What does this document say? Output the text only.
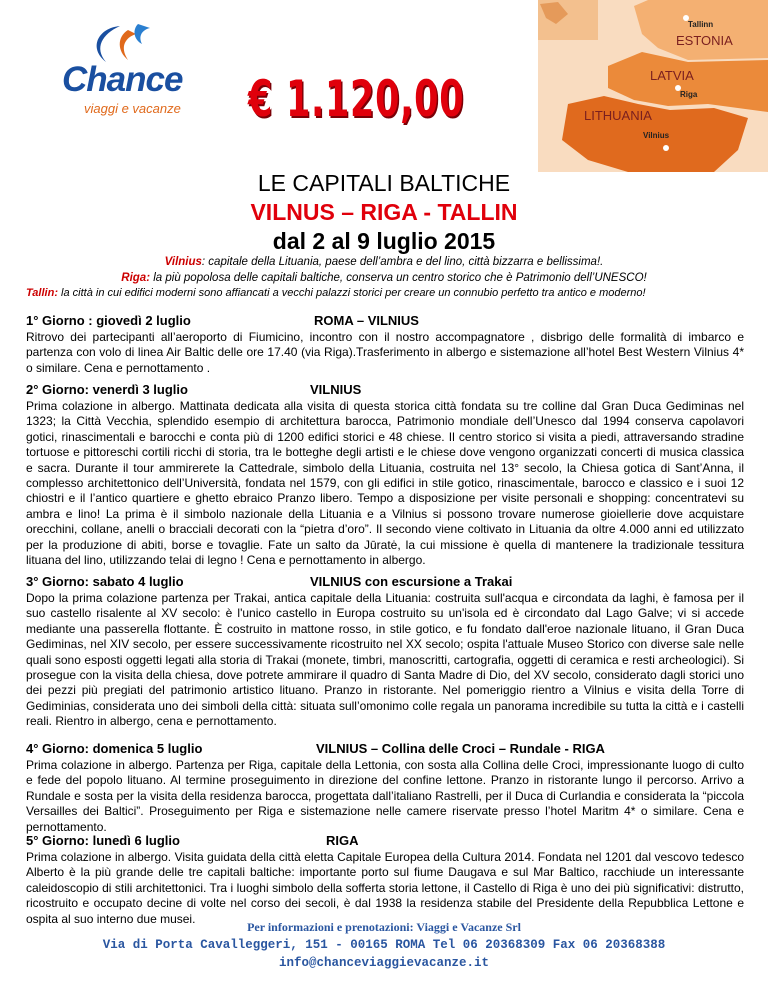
Chance
viaggi e vacanze € 1.120,00
Tallinn
ESTONIA
LATVIA
Riga
LITHUANIA
Vilnius
LE CAPITALI BALTICHE
VILNUS – RIGA - TALLIN
dal 2 al 9 luglio 2015
Vilnius: capitale della Lituania, paese dell’ambra e del lino, città bizzarra e bellissima!.
Riga: la più popolosa delle capitali baltiche, conserva un centro storico che è Patrimonio dell’UNESCO!
Tallin: la città in cui edifici moderni sono affiancati a vecchi palazzi storici per creare un connubio perfetto tra antico e moderno!
1° Giorno : giovedì 2 luglio	ROMA – VILNIUS
Ritrovo dei partecipanti all’aeroporto di Fiumicino, incontro con il nostro accompagnatore , disbrigo delle formalità di imbarco e partenza con volo di linea Air Baltic delle ore 17.40 (via Riga).Trasferimento in albergo e sistemazione all’hotel Best Western Vilnius 4* o similare. Cena e pernottamento .
2° Giorno: venerdì 3 luglio	VILNIUS
Prima colazione in albergo. Mattinata dedicata alla visita di questa storica città fondata su tre colline dal Gran Duca Gediminas nel 1323; la Città Vecchia, splendido esempio di architettura barocca, Patrimonio mondiale dell’Unesco dal 1994 conserva capolavori gotici, rinascimentali e barocchi e conta più di 1200 edifici storici e 48 chiese. Il centro storico si visita a piedi, attraversando stradine tortuose e pittoreschi cortili ricchi di storia, tra le botteghe degli artisti e le chiese dove vengono organizzati concerti di musica classica e sacra. Durante il tour ammirerete la Cattedrale, simbolo della Lituania, costruita nel 13° secolo, la Chiesa gotica di Sant’Anna, il complesso architettonico dell’Università, fondata nel 1579, con gli edifici in stile gotico, rinascimentale, barocco e classico e i suoi 12 chiostri e il l’antico quartiere e ghetto ebraico Pranzo libero. Tempo a disposizione per visite personali e shopping: concentratevi su ambra e lino! La prima è il simbolo nazionale della Lituania e a Vilnius si possono trovare numerose gioiellerie dove acquistare orecchini, collane, anelli o bracciali decorati con la “pietra d’oro”. Il secondo viene coltivato in Lituania da oltre 4.000 anni ed utilizzato per la produzione di abiti, borse e tovaglie. Fate un salto da Jūratė, la cui missione è quella di mantenere la tradizionale tessitura lituana del lino, utilizzando telai di legno ! Cena e pernottamento in albergo.
3° Giorno: sabato 4 luglio	VILNIUS con escursione a Trakai
Dopo la prima colazione partenza per Trakai, antica capitale della Lituania: costruita sull'acqua e circondata da laghi, è famosa per il suo castello risalente al XV secolo: è l'unico castello in Europa costruito su un'isola ed è circondato dal Lago Galve; vi si accede mediante una passerella flottante. È costruito in mattone rosso, in stile gotico, e fu fondato dall'eroe nazionale lituano, il Gran Duca Gediminas, nel XIV secolo, per essere successivamente ricostruito nel XX secolo; ospita l'attuale Museo Storico con diverse sale nelle quali sono esposti oggetti legati alla storia di Trakai (monete, timbri, manoscritti, cartografia, oggetti di ceramica e resti archeologici). Si prosegue con la visita della chiesa, dove potrete ammirare il quadro di Santa Madre di Dio, del XV secolo, considerato dagli storici uno dei pezzi più pregiati del patrimonio artistico lituano. Pranzo in ristorante. Nel pomeriggio rientro a Vilnius e visita della Torre di Gediminias, considerata uno dei simboli della città: situata sull’omonimo colle regala un panorama incredibile su tutta la città e i castelli reali. Rientro in albergo, cena e pernottamento.
4° Giorno: domenica 5 luglio	VILNIUS – Collina delle Croci – Rundale - RIGA
Prima colazione in albergo. Partenza per Riga, capitale della Lettonia, con sosta alla Collina delle Croci, impressionante luogo di culto e fede del popolo lituano. Al termine proseguimento in direzione del confine lettone. Pranzo in ristorante lungo il percorso. Arrivo a Rundale e sosta per la visita della residenza barocca, progettata dall’italiano Rastrelli, per il Duca di Curlandia e considerata la “piccola Versailles dei Baltici”. Proseguimento per Riga e sistemazione nelle camere riservate presso l’hotel Maritm 4* o similare. Cena e pernottamento.
5° Giorno: lunedì 6 luglio	RIGA
Prima colazione in albergo. Visita guidata della città eletta Capitale Europea della Cultura 2014. Fondata nel 1201 dal vescovo tedesco Alberto è la più grande delle tre capitali baltiche: importante porto sul fiume Daugava e sul Mar Baltico, racchiude un interessante caleidoscopio di stili architettonici. Tra i luoghi simbolo della sofferta storia lettone, il Castello di Riga è uno dei più significativi: distrutto, ricostruito e occupato decine di volte nel corso dei secoli, è dal 1938 la residenza stabile del Presidente della Repubblica Lettone e ospita al suo interno due musei.
Per informazioni e prenotazioni: Viaggi e Vacanze Srl
Via di Porta Cavalleggeri, 151 - 00165 ROMA Tel 06 20368309 Fax 06 20368388
info@chanceviaggievacanze.it
